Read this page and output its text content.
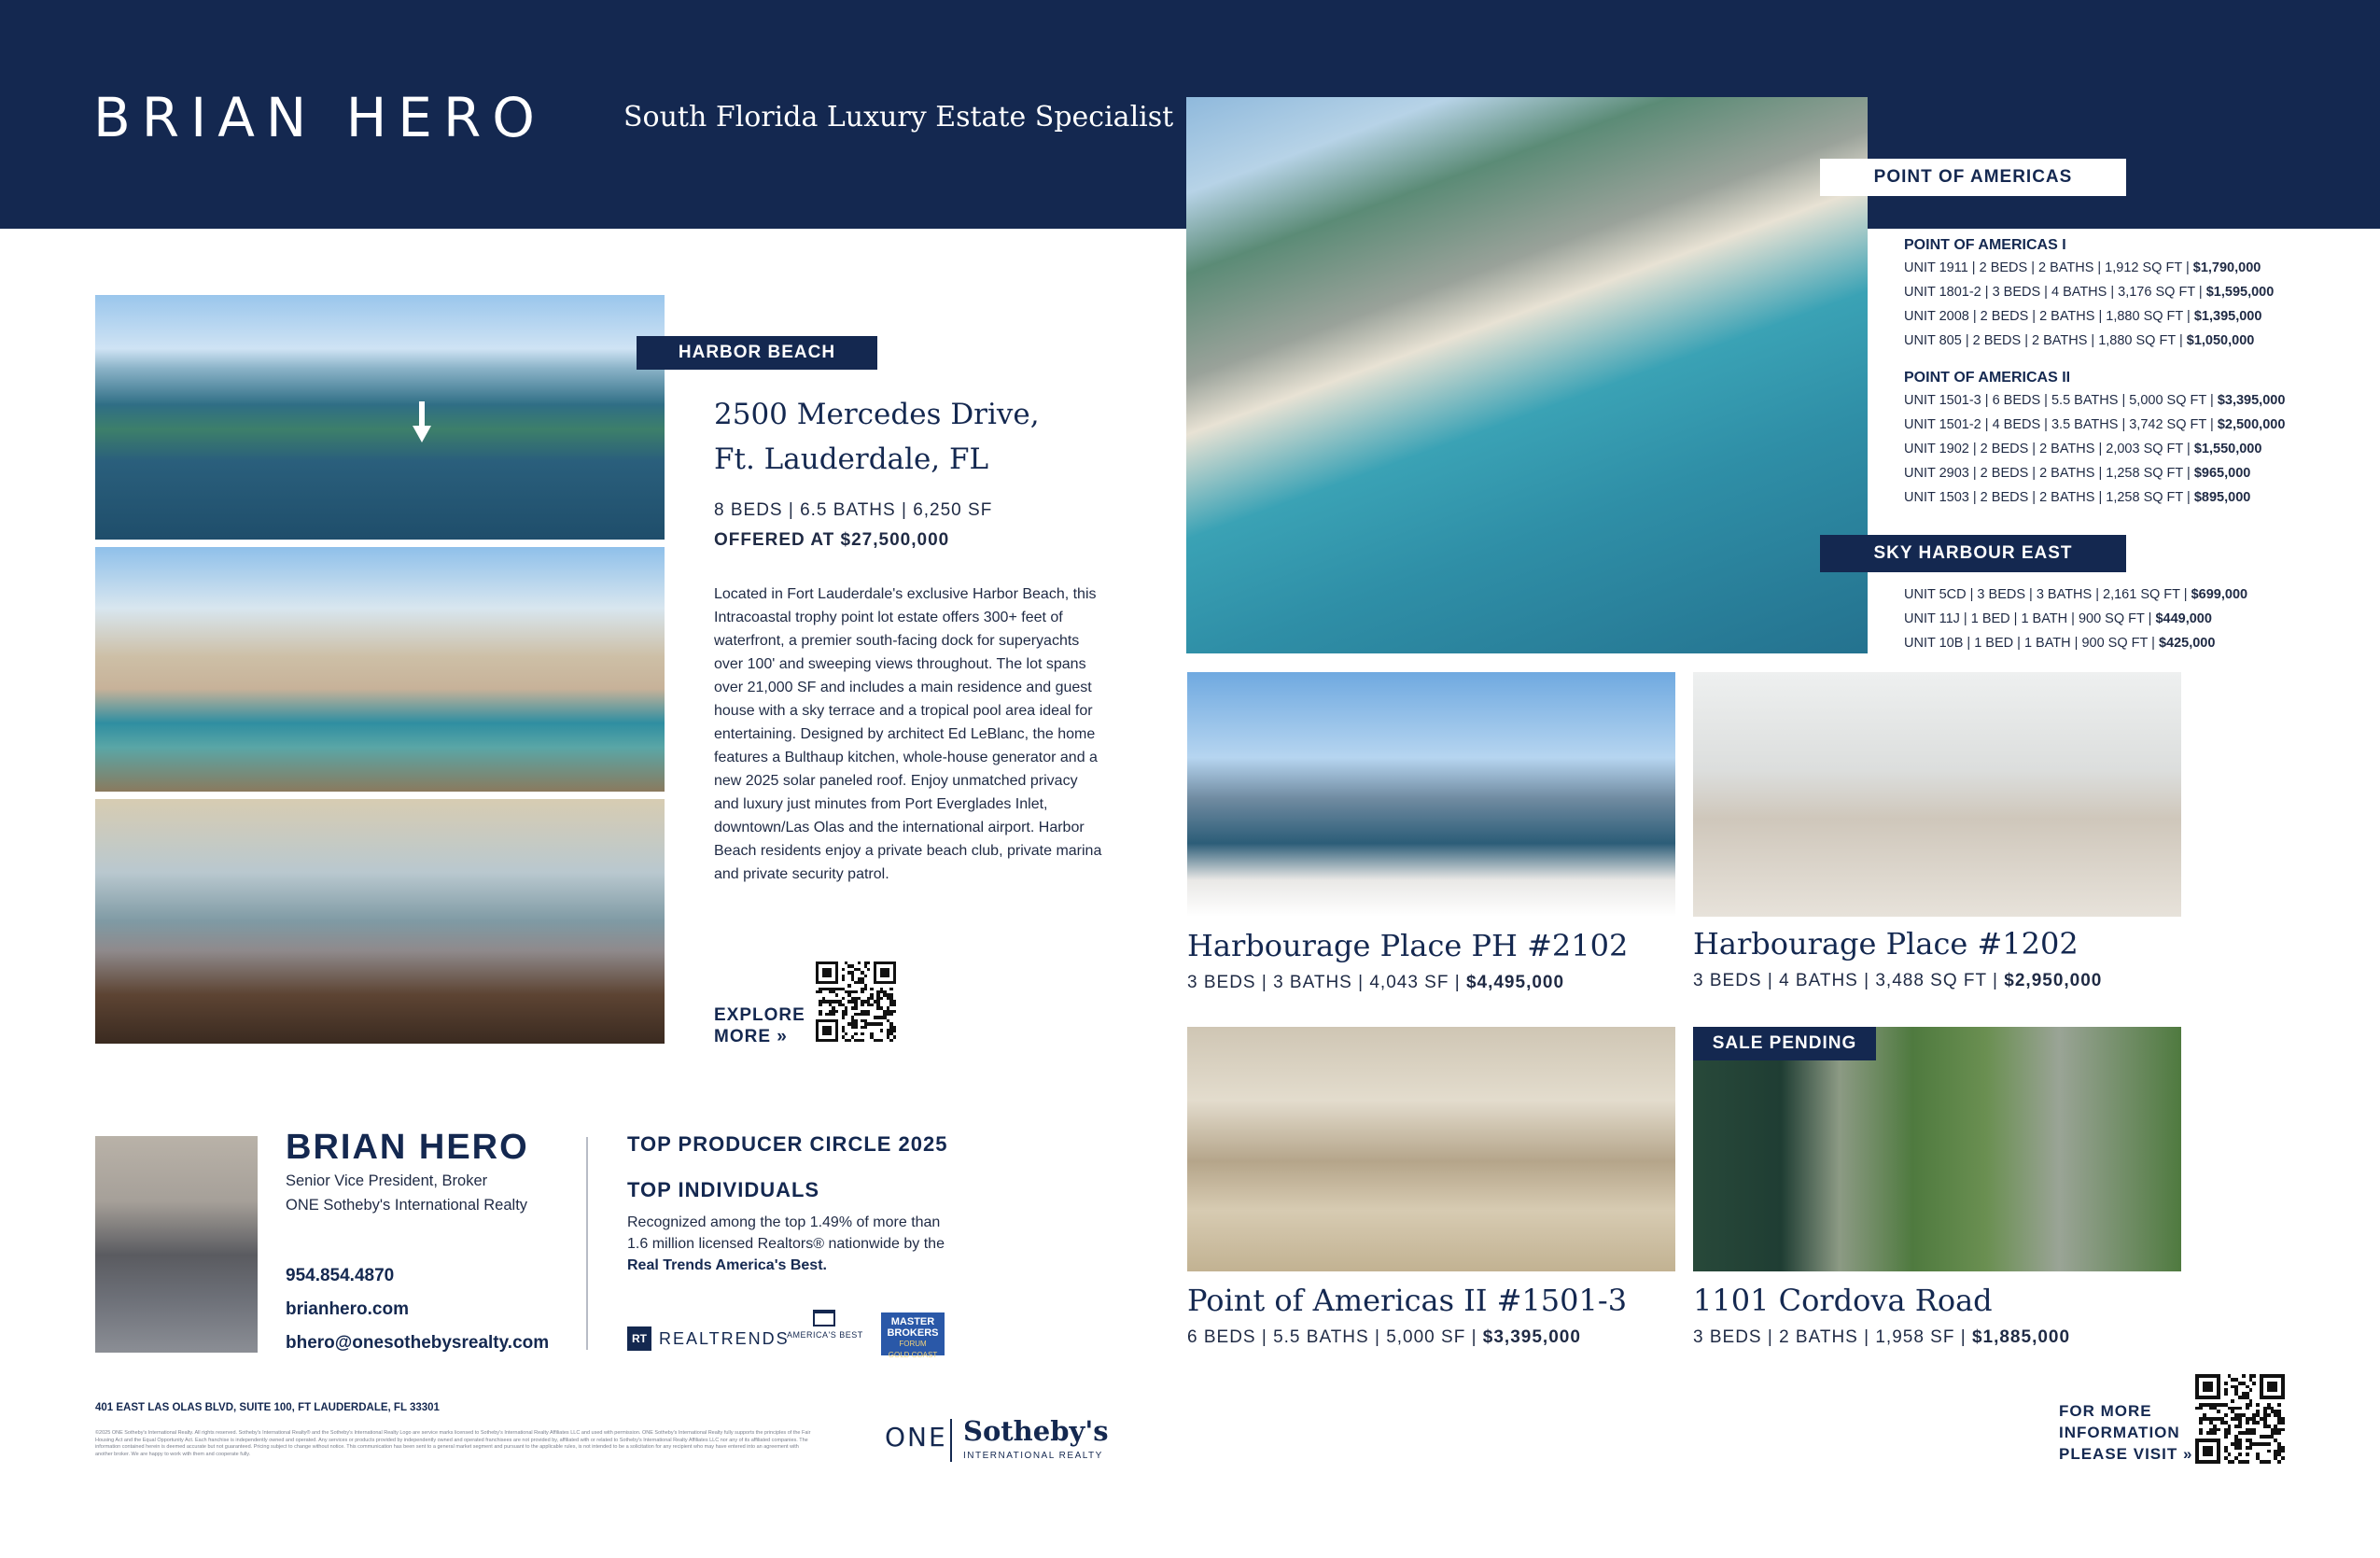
BRIAN HERO	South Florida Luxury Estate Specialist
HARBOR BEACH
2500 Mercedes Drive,
Ft. Lauderdale, FL
8 BEDS | 6.5 BATHS | 6,250 SF
OFFERED AT $27,500,000
Located in Fort Lauderdale's exclusive Harbor Beach, this Intracoastal trophy point lot estate offers 300+ feet of waterfront, a premier south-facing dock for superyachts over 100' and sweeping views throughout. The lot spans over 21,000 SF and includes a main residence and guest house with a sky terrace and a tropical pool area ideal for entertaining. Designed by architect Ed LeBlanc, the home features a Bulthaup kitchen, whole-house generator and a new 2025 solar paneled roof. Enjoy unmatched privacy and luxury just minutes from Port Everglades Inlet, downtown/Las Olas and the international airport. Harbor Beach residents enjoy a private beach club, private marina and private security patrol.
EXPLORE
MORE »
POINT OF AMERICAS
POINT OF AMERICAS I
UNIT 1911 | 2 BEDS | 2 BATHS | 1,912 SQ FT | $1,790,000
UNIT 1801-2 | 3 BEDS | 4 BATHS | 3,176 SQ FT | $1,595,000
UNIT 2008 | 2 BEDS | 2 BATHS | 1,880 SQ FT | $1,395,000
UNIT 805 | 2 BEDS | 2 BATHS | 1,880 SQ FT | $1,050,000
POINT OF AMERICAS II
UNIT 1501-3 | 6 BEDS | 5.5 BATHS | 5,000 SQ FT | $3,395,000
UNIT 1501-2 | 4 BEDS | 3.5 BATHS | 3,742 SQ FT | $2,500,000
UNIT 1902 | 2 BEDS | 2 BATHS | 2,003 SQ FT | $1,550,000
UNIT 2903 | 2 BEDS | 2 BATHS | 1,258 SQ FT | $965,000
UNIT 1503 | 2 BEDS | 2 BATHS | 1,258 SQ FT | $895,000
SKY HARBOUR EAST
UNIT 5CD | 3 BEDS | 3 BATHS | 2,161 SQ FT | $699,000
UNIT 11J | 1 BED | 1 BATH | 900 SQ FT | $449,000
UNIT 10B | 1 BED | 1 BATH | 900 SQ FT | $425,000
SALE PENDING
Harbourage Place PH #2102
3 BEDS | 3 BATHS | 4,043 SF | $4,495,000
Harbourage Place #1202
3 BEDS | 4 BATHS | 3,488 SQ FT | $2,950,000
Point of Americas II #1501-3
6 BEDS | 5.5 BATHS | 5,000 SF | $3,395,000
1101 Cordova Road
3 BEDS | 2 BATHS | 1,958 SF | $1,885,000
BRIAN HERO
Senior Vice President, Broker
ONE Sotheby's International Realty
954.854.4870
brianhero.com
bhero@onesothebysrealty.com
TOP PRODUCER CIRCLE 2025
TOP INDIVIDUALS
Recognized among the top 1.49% of more than 1.6 million licensed Realtors® nationwide by the Real Trends America's Best.
RT REALTRENDS
AMERICA'S BEST
MASTER
BROKERS
FORUM
GOLD COAST
401 EAST LAS OLAS BLVD, SUITE 100, FT LAUDERDALE, FL 33301
©2025 ONE Sotheby's International Realty. All rights reserved. Sotheby's International Realty® and the Sotheby's International Realty Logo are service marks licensed to Sotheby's International Realty Affiliates LLC and used with permission. ONE Sotheby's International Realty fully supports the principles of the Fair Housing Act and the Equal Opportunity Act. Each franchise is independently owned and operated. Any services or products provided by independently owned and operated franchisees are not provided by, affiliated with or related to Sotheby's International Realty Affiliates LLC nor any of its affiliated companies. The information contained herein is deemed accurate but not guaranteed. Pricing subject to change without notice. This communication has been sent to a general market segment and pursuant to the applicable rules, is not intended to be a solicitation for any recipient who may have entered into an agreement with another broker. We are happy to work with them and cooperate fully.
ONE Sotheby's
INTERNATIONAL REALTY
FOR MORE
INFORMATION
PLEASE VISIT »
